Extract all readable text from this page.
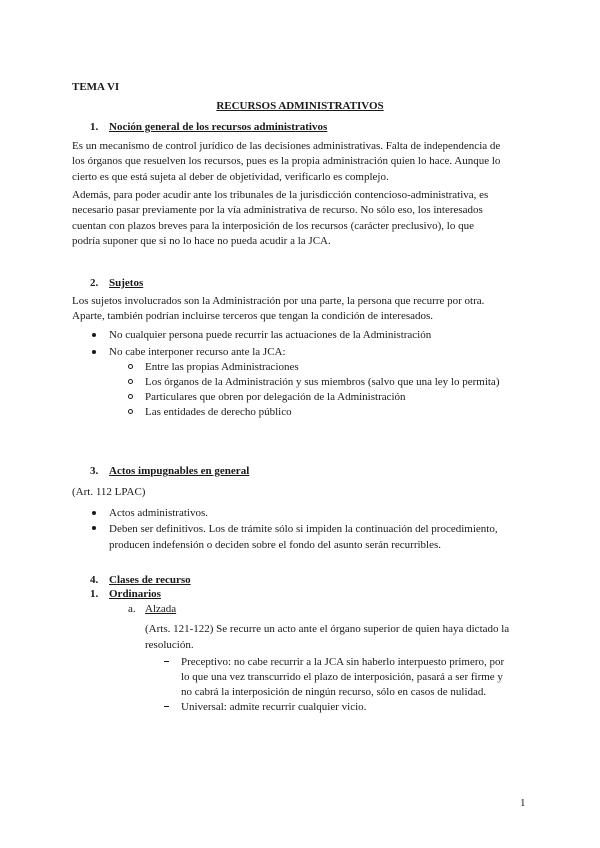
TEMA VI
RECURSOS ADMINISTRATIVOS
1. Noción general de los recursos administrativos
Es un mecanismo de control jurídico de las decisiones administrativas. Falta de independencia de
los órganos que resuelven los recursos, pues es la propia administración quien lo hace. Aunque lo
cierto es que está sujeta al deber de objetividad, verificarlo es complejo.
Además, para poder acudir ante los tribunales de la jurisdicción contencioso-administrativa, es
necesario pasar previamente por la vía administrativa de recurso. No sólo eso, los interesados
cuentan con plazos breves para la interposición de los recursos (carácter preclusivo), lo que
podría suponer que si no lo hace no pueda acudir a la JCA.
2. Sujetos
Los sujetos involucrados son la Administración por una parte, la persona que recurre por otra.
Aparte, también podrían incluirse terceros que tengan la condición de interesados.
No cualquier persona puede recurrir las actuaciones de la Administración
No cabe interponer recurso ante la JCA:
Entre las propias Administraciones
Los órganos de la Administración y sus miembros (salvo que una ley lo permita)
Particulares que obren por delegación de la Administración
Las entidades de derecho público
3. Actos impugnables en general
(Art. 112 LPAC)
Actos administrativos.
Deben ser definitivos. Los de trámite sólo si impiden la continuación del procedimiento,
producen indefensión o deciden sobre el fondo del asunto serán recurribles.
4. Clases de recurso
1. Ordinarios
a. Alzada
(Arts. 121-122) Se recurre un acto ante el órgano superior de quien haya dictado la
resolución.
Preceptivo: no cabe recurrir a la JCA sin haberlo interpuesto primero, por
lo que una vez transcurrido el plazo de interposición, pasará a ser firme y
no cabrá la interposición de ningún recurso, sólo en casos de nulidad.
Universal: admite recurrir cualquier vicio.
1
